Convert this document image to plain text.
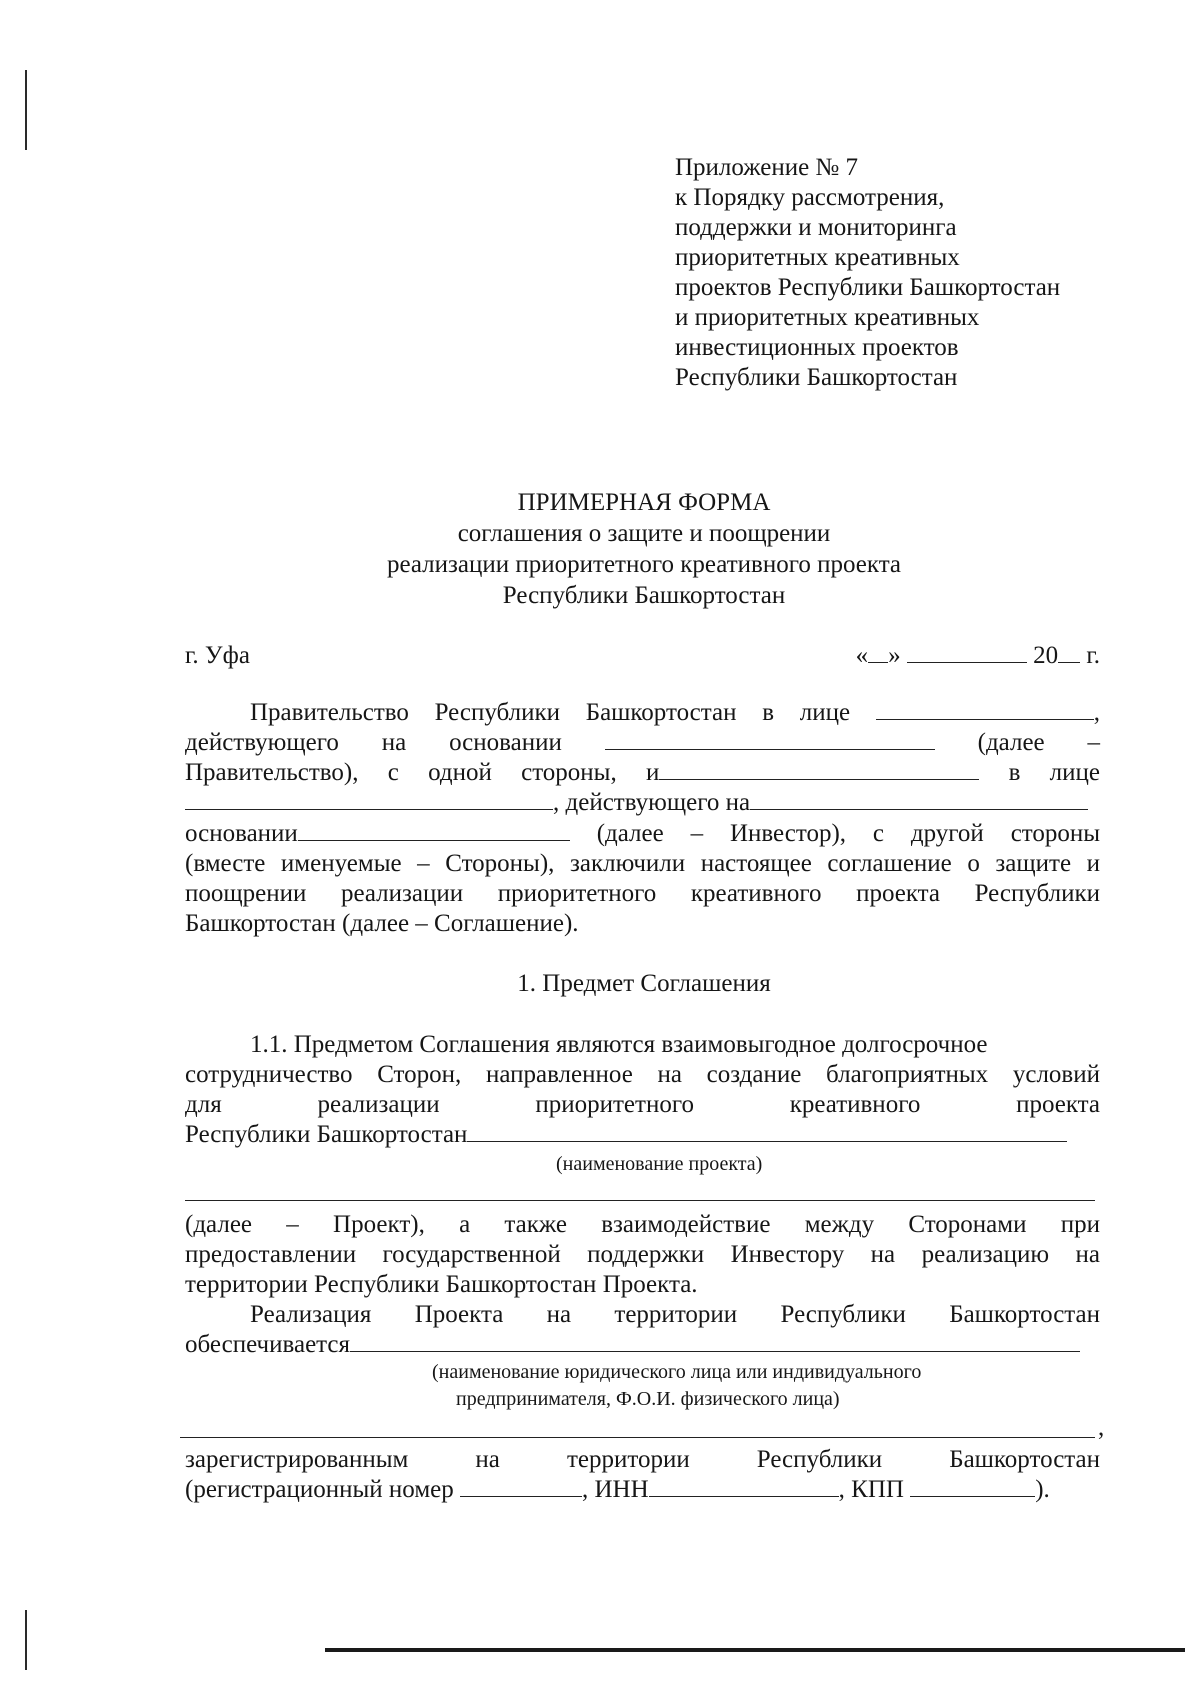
Приложение № 7
к Порядку рассмотрения,
поддержки и мониторинга
приоритетных креативных
проектов Республики Башкортостан
и приоритетных креативных
инвестиционных проектов
Республики Башкортостан
ПРИМЕРНАЯ ФОРМА
соглашения о защите и поощрении
реализации приоритетного креативного проекта
Республики Башкортостан
г. Уфа	« »	20 г.
Правительство Республики Башкортостан в лице	,
действующего на основании	(далее –
Правительство), с одной стороны, и	в лице
, действующего на
основании	(далее – Инвестор), с другой стороны
(вместе именуемые – Стороны), заключили настоящее соглашение о защите и
поощрении реализации приоритетного креативного проекта Республики
Башкортостан (далее – Соглашение).
1. Предмет Соглашения
1.1. Предметом Соглашения являются взаимовыгодное долгосрочное
сотрудничество Сторон, направленное на создание благоприятных условий
для реализации приоритетного креативного проекта
Республики Башкортостан
(наименование проекта)
(далее – Проект), а также взаимодействие между Сторонами при
предоставлении государственной поддержки Инвестору на реализацию на
территории Республики Башкортостан Проекта.
Реализация Проекта на территории Республики Башкортостан
обеспечивается
(наименование юридического лица или индивидуального
предпринимателя, Ф.О.И. физического лица)
,
зарегистрированным на территории Республики Башкортостан
(регистрационный номер	, ИНН	, КПП	).
